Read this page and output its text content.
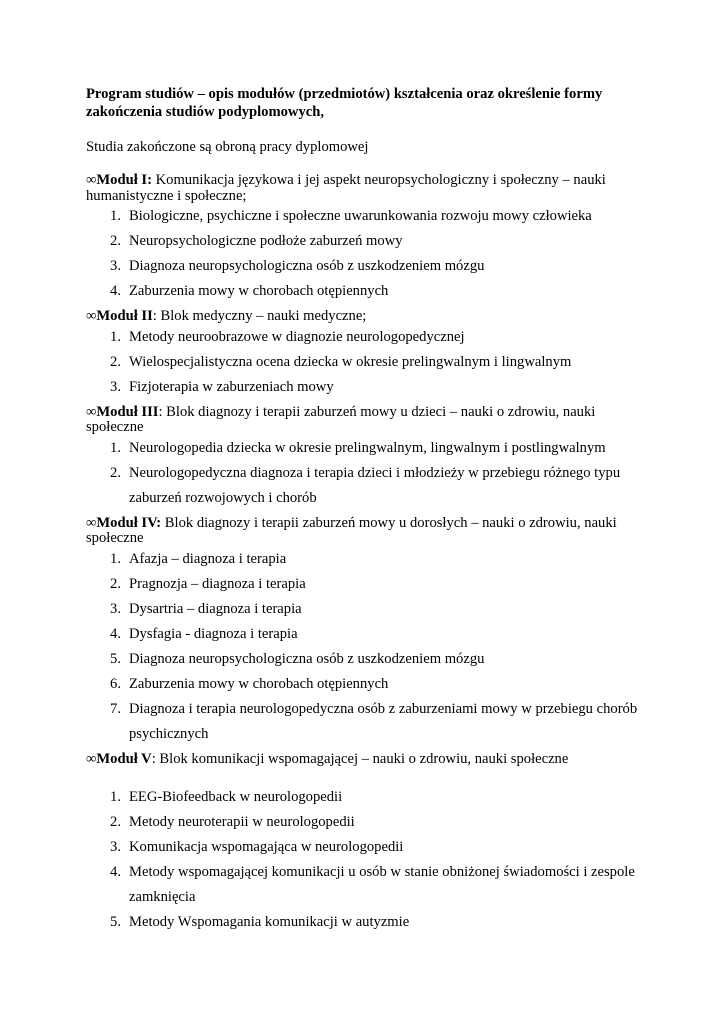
Program studiów – opis modułów (przedmiotów) kształcenia oraz określenie formy zakończenia studiów podyplomowych,

Studia zakończone są obroną pracy dyplomowej

∞Moduł I: Komunikacja językowa i jej aspekt neuropsychologiczny i społeczny – nauki humanistyczne i społeczne;
1. Biologiczne, psychiczne i społeczne uwarunkowania rozwoju mowy człowieka
2. Neuropsychologiczne podłoże zaburzeń mowy
3. Diagnoza neuropsychologiczna osób z uszkodzeniem mózgu
4. Zaburzenia mowy w chorobach otępiennych
∞Moduł II: Blok medyczny – nauki medyczne;
1. Metody neuroobrazowe w diagnozie neurologopedycznej
2. Wielospecjalistyczna ocena dziecka w okresie prelingwalnym i lingwalnym
3. Fizjoterapia w zaburzeniach mowy
∞Moduł III: Blok diagnozy i terapii zaburzeń mowy u dzieci – nauki o zdrowiu, nauki społeczne
1. Neurologopedia dziecka w okresie prelingwalnym, lingwalnym i postlingwalnym
2. Neurologopedyczna diagnoza i terapia dzieci i młodzieży w przebiegu różnego typu zaburzeń rozwojowych i chorób
∞Moduł IV: Blok diagnozy i terapii zaburzeń mowy u dorosłych – nauki o zdrowiu, nauki społeczne
1. Afazja – diagnoza i terapia
2. Pragnozja – diagnoza i terapia
3. Dysartria – diagnoza i terapia
4. Dysfagia - diagnoza i terapia
5. Diagnoza neuropsychologiczna osób z uszkodzeniem mózgu
6. Zaburzenia mowy w chorobach otępiennych
7. Diagnoza i terapia neurologopedyczna osób z zaburzeniami mowy w przebiegu chorób psychicznych
∞Moduł V: Blok komunikacji wspomagającej – nauki o zdrowiu, nauki społeczne
1. EEG-Biofeedback w neurologopedii
2. Metody neuroterapii w neurologopedii
3. Komunikacja wspomagająca w neurologopedii
4. Metody wspomagającej komunikacji u osób w stanie obniżonej świadomości i zespole zamknięcia
5. Metody Wspomagania komunikacji w autyzmie
